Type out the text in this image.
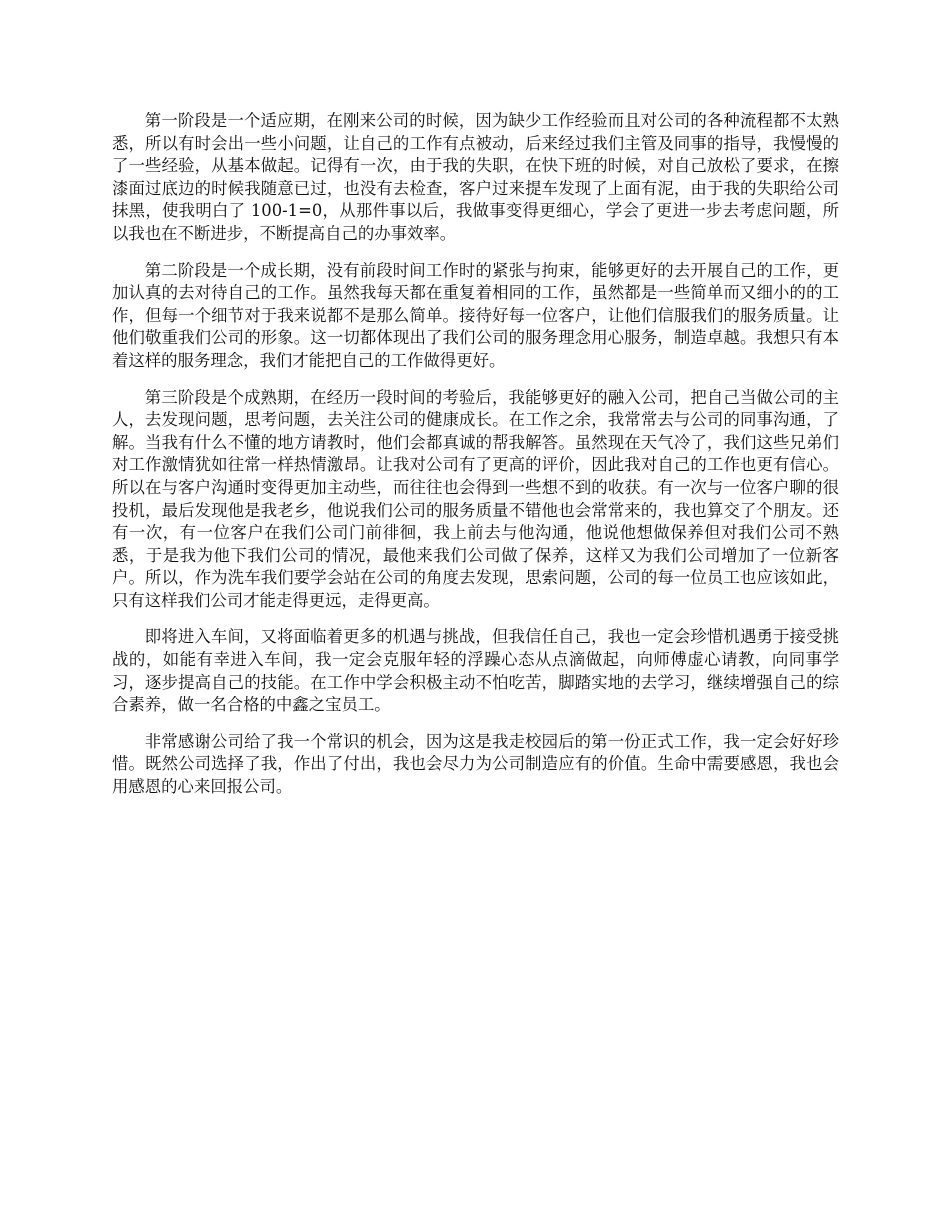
第一阶段是一个适应期，在刚来公司的时候，因为缺少工作经验而且对公司的各种流程都不太熟悉，所以有时会出一些小问题，让自己的工作有点被动，后来经过我们主管及同事的指导，我慢慢的了一些经验，从基本做起。记得有一次，由于我的失职，在快下班的时候，对自己放松了要求，在擦漆面过底边的时候我随意已过，也没有去检查，客户过来提车发现了上面有泥，由于我的失职给公司抹黑，使我明白了 100-1=0，从那件事以后，我做事变得更细心，学会了更进一步去考虑问题，所以我也在不断进步，不断提高自己的办事效率。

第二阶段是一个成长期，没有前段时间工作时的紧张与拘束，能够更好的去开展自己的工作，更加认真的去对待自己的工作。虽然我每天都在重复着相同的工作，虽然都是一些简单而又细小的的工作，但每一个细节对于我来说都不是那么简单。接待好每一位客户，让他们信服我们的服务质量。让他们敬重我们公司的形象。这一切都体现出了我们公司的服务理念用心服务，制造卓越。我想只有本着这样的服务理念，我们才能把自己的工作做得更好。

第三阶段是个成熟期，在经历一段时间的考验后，我能够更好的融入公司，把自己当做公司的主人，去发现问题，思考问题，去关注公司的健康成长。在工作之余，我常常去与公司的同事沟通，了解。当我有什么不懂的地方请教时，他们会都真诚的帮我解答。虽然现在天气冷了，我们这些兄弟们对工作激情犹如往常一样热情激昂。让我对公司有了更高的评价，因此我对自己的工作也更有信心。所以在与客户沟通时变得更加主动些，而往往也会得到一些想不到的收获。有一次与一位客户聊的很投机，最后发现他是我老乡，他说我们公司的服务质量不错他也会常常来的，我也算交了个朋友。还有一次，有一位客户在我们公司门前徘徊，我上前去与他沟通，他说他想做保养但对我们公司不熟悉，于是我为他下我们公司的情况，最他来我们公司做了保养，这样又为我们公司增加了一位新客户。所以，作为洗车我们要学会站在公司的角度去发现，思索问题，公司的每一位员工也应该如此，只有这样我们公司才能走得更远，走得更高。

即将进入车间，又将面临着更多的机遇与挑战，但我信任自己，我也一定会珍惜机遇勇于接受挑战的，如能有幸进入车间，我一定会克服年轻的浮躁心态从点滴做起，向师傅虚心请教，向同事学习，逐步提高自己的技能。在工作中学会积极主动不怕吃苦，脚踏实地的去学习，继续增强自己的综合素养，做一名合格的中鑫之宝员工。

非常感谢公司给了我一个常识的机会，因为这是我走校园后的第一份正式工作，我一定会好好珍惜。既然公司选择了我，作出了付出，我也会尽力为公司制造应有的价值。生命中需要感恩，我也会用感恩的心来回报公司。
